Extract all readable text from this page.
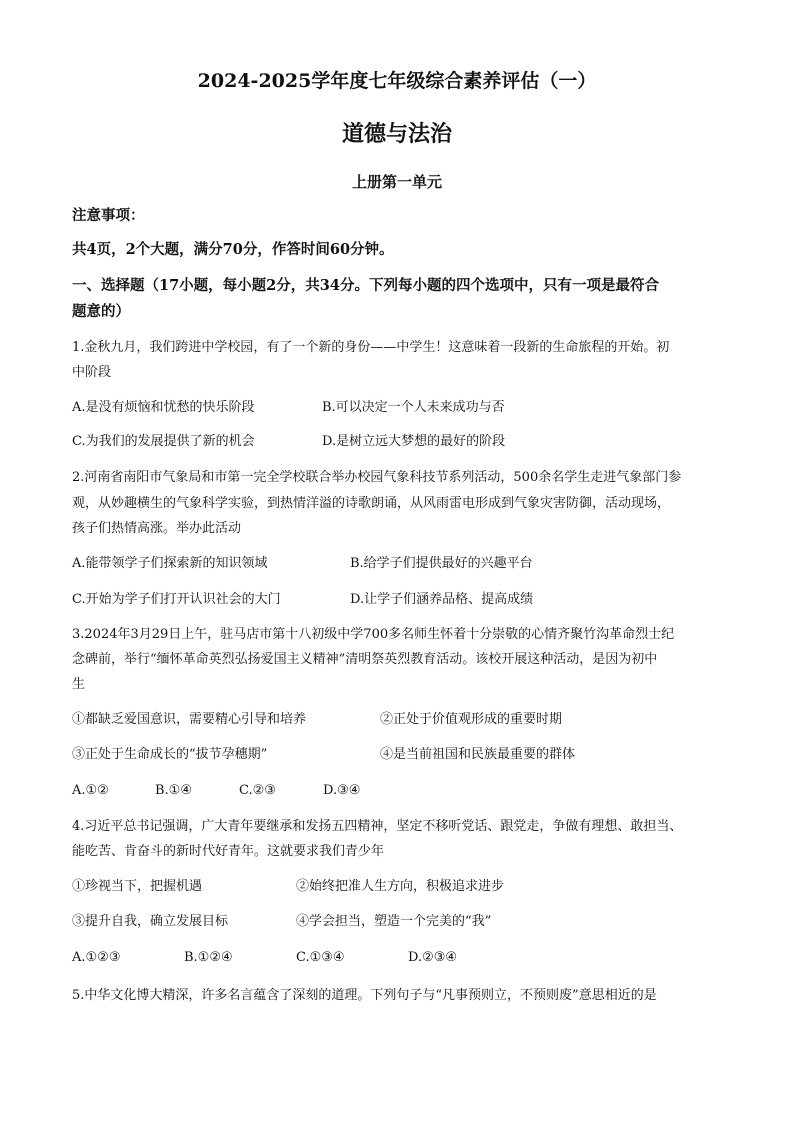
2024-2025学年度七年级综合素养评估（一）
道德与法治
上册第一单元
注意事项：
共4页，2个大题，满分70分，作答时间60分钟。
一、选择题（17小题，每小题2分，共34分。下列每小题的四个选项中，只有一项是最符合
题意的）
1.金秋九月，我们跨进中学校园，有了一个新的身份——中学生！这意味着一段新的生命旅程的开始。初
中阶段
A.是没有烦恼和忧愁的快乐阶段	B.可以决定一个人未来成功与否
C.为我们的发展提供了新的机会	D.是树立远大梦想的最好的阶段
2.河南省南阳市气象局和市第一完全学校联合举办校园气象科技节系列活动，500余名学生走进气象部门参
观，从妙趣横生的气象科学实验，到热情洋溢的诗歌朗诵，从风雨雷电形成到气象灾害防御，活动现场，
孩子们热情高涨。举办此活动
A.能带领学子们探索新的知识领域	B.给学子们提供最好的兴趣平台
C.开始为学子们打开认识社会的大门	D.让学子们涵养品格、提高成绩
3.2024年3月29日上午，驻马店市第十八初级中学700多名师生怀着十分崇敬的心情齐聚竹沟革命烈士纪
念碑前，举行“缅怀革命英烈弘扬爱国主义精神”清明祭英烈教育活动。该校开展这种活动，是因为初中
生
①都缺乏爱国意识，需要精心引导和培养	②正处于价值观形成的重要时期
③正处于生命成长的“拔节孕穗期”	④是当前祖国和民族最重要的群体
A.①②	B.①④	C.②③	D.③④
4.习近平总书记强调，广大青年要继承和发扬五四精神，坚定不移听党话、跟党走，争做有理想、敢担当、
能吃苦、肯奋斗的新时代好青年。这就要求我们青少年
①珍视当下，把握机遇	②始终把准人生方向，积极追求进步
③提升自我，确立发展目标	④学会担当，塑造一个完美的“我”
A.①②③	B.①②④	C.①③④	D.②③④
5.中华文化博大精深，许多名言蕴含了深刻的道理。下列句子与“凡事预则立，不预则废”意思相近的是
